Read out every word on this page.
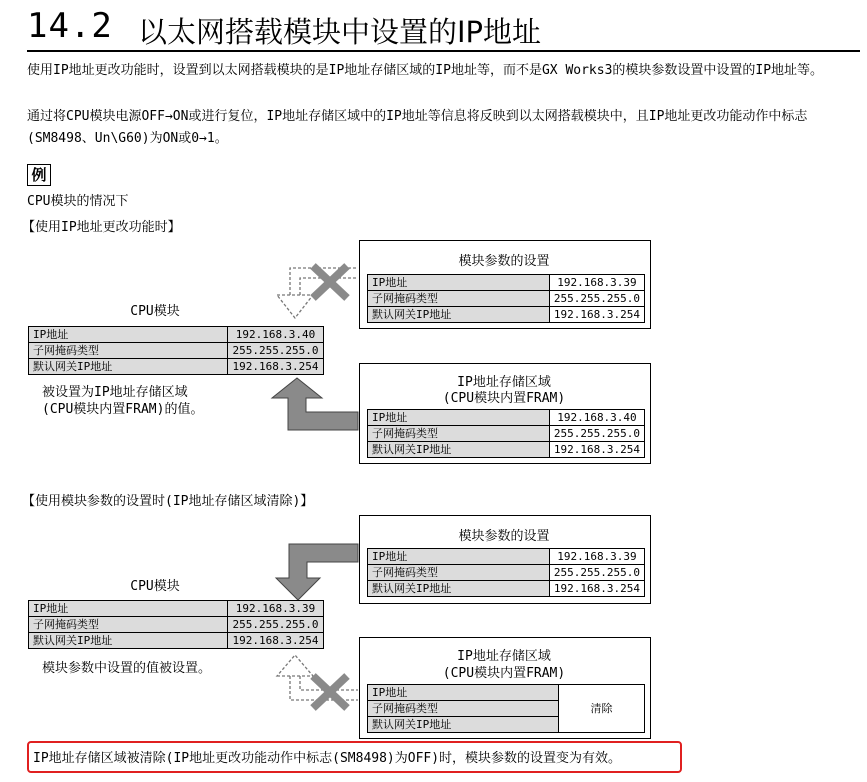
14.2 以太网搭载模块中设置的IP地址
使用IP地址更改功能时，设置到以太网搭载模块的是IP地址存储区域的IP地址等，而不是GX Works3的模块参数设置中设置的IP地址等。
通过将CPU模块电源OFF→ON或进行复位，IP地址存储区域中的IP地址等信息将反映到以太网搭载模块中，且IP地址更改功能动作中标志(SM8498、Un\G60)为ON或0→1。
例
CPU模块的情况下
【使用IP地址更改功能时】
模块参数的设置
IP地址	192.168.3.39
子网掩码类型	255.255.255.0
默认网关IP地址	192.168.3.254
CPU模块
IP地址	192.168.3.40
子网掩码类型	255.255.255.0
默认网关IP地址	192.168.3.254
被设置为IP地址存储区域
(CPU模块内置FRAM)的值。
IP地址存储区域
(CPU模块内置FRAM)
IP地址	192.168.3.40
子网掩码类型	255.255.255.0
默认网关IP地址	192.168.3.254
【使用模块参数的设置时(IP地址存储区域清除)】
模块参数的设置
IP地址	192.168.3.39
子网掩码类型	255.255.255.0
默认网关IP地址	192.168.3.254
CPU模块
IP地址	192.168.3.39
子网掩码类型	255.255.255.0
默认网关IP地址	192.168.3.254
模块参数中设置的值被设置。
IP地址存储区域
(CPU模块内置FRAM)
IP地址	清除
子网掩码类型
默认网关IP地址
IP地址存储区域被清除(IP地址更改功能动作中标志(SM8498)为OFF)时，模块参数的设置变为有效。
